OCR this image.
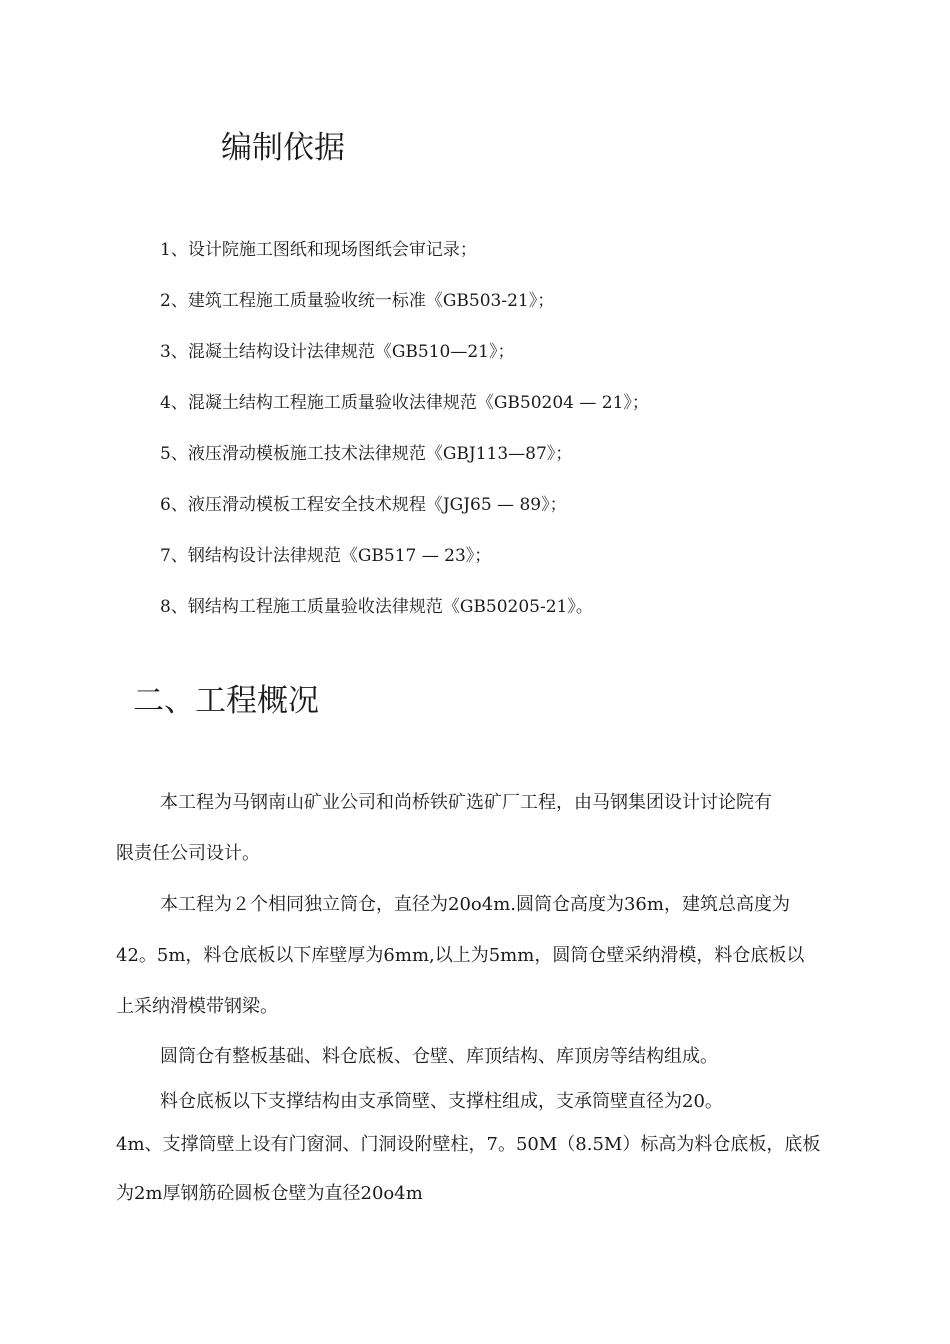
编制依据
1、设计院施工图纸和现场图纸会审记录；
2、建筑工程施工质量验收统一标准《GB503-21》；
3、混凝土结构设计法律规范《GB510—21》；
4、混凝土结构工程施工质量验收法律规范《GB50204 — 21》；
5、液压滑动模板施工技术法律规范《GBJ113—87》；
6、液压滑动模板工程安全技术规程《JGJ65 — 89》；
7、钢结构设计法律规范《GB517 — 23》；
8、钢结构工程施工质量验收法律规范《GB50205-21》。
二、工程概况

本工程为马钢南山矿业公司和尚桥铁矿选矿厂工程，由马钢集团设计讨论院有

限责任公司设计。

本工程为２个相同独立筒仓，直径为20o4m.圆筒仓高度为36m，建筑总高度为

42。5m，料仓底板以下库壁厚为6mm,以上为5mm，圆筒仓壁采纳滑模，料仓底板以

上采纳滑模带钢梁。

圆筒仓有整板基础、料仓底板、仓壁、库顶结构、库顶房等结构组成。

料仓底板以下支撑结构由支承筒壁、支撑柱组成，支承筒壁直径为20。

4m、支撑筒壁上设有门窗洞、门洞设附壁柱，7。50M（8.5M）标高为料仓底板，底板

为2m厚钢筋砼圆板仓壁为直径20o4m
